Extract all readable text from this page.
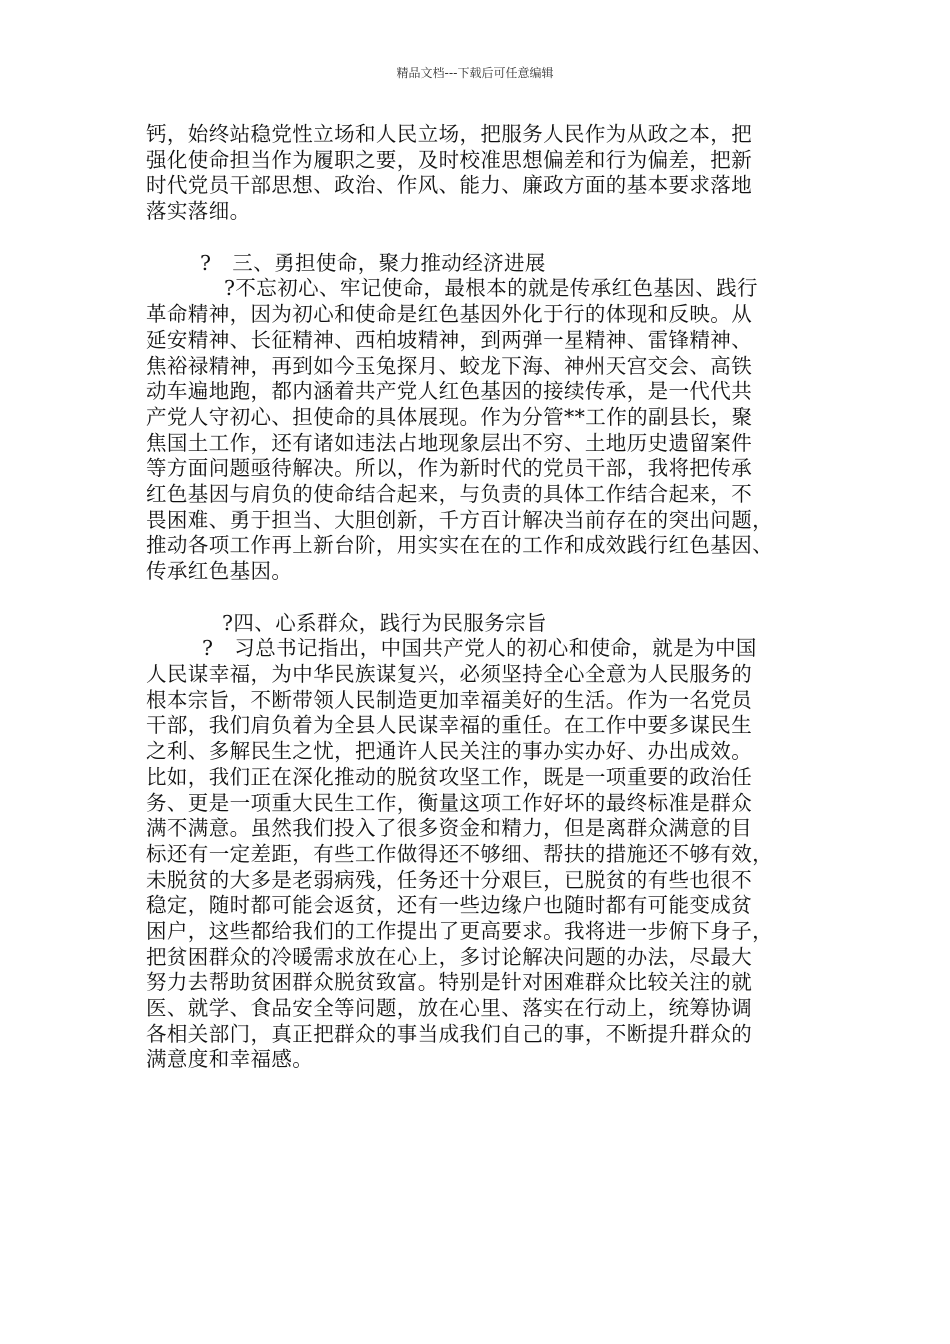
精品文档---下载后可任意编辑
钙，始终站稳党性立场和人民立场，把服务人民作为从政之本，把
强化使命担当作为履职之要，及时校准思想偏差和行为偏差，把新
时代党员干部思想、政治、作风、能力、廉政方面的基本要求落地
落实落细。
?　三、勇担使命，聚力推动经济进展
?不忘初心、牢记使命，最根本的就是传承红色基因、践行
革命精神，因为初心和使命是红色基因外化于行的体现和反映。从
延安精神、长征精神、西柏坡精神，到两弹一星精神、雷锋精神、
焦裕禄精神，再到如今玉兔探月、蛟龙下海、神州天宫交会、高铁
动车遍地跑，都内涵着共产党人红色基因的接续传承，是一代代共
产党人守初心、担使命的具体展现。作为分管**工作的副县长，聚
焦国土工作，还有诸如违法占地现象层出不穷、土地历史遗留案件
等方面问题亟待解决。所以，作为新时代的党员干部，我将把传承
红色基因与肩负的使命结合起来，与负责的具体工作结合起来，不
畏困难、勇于担当、大胆创新，千方百计解决当前存在的突出问题，
推动各项工作再上新台阶，用实实在在的工作和成效践行红色基因、
传承红色基因。
?四、心系群众，践行为民服务宗旨
?　习总书记指出，中国共产党人的初心和使命，就是为中国
人民谋幸福，为中华民族谋复兴，必须坚持全心全意为人民服务的
根本宗旨，不断带领人民制造更加幸福美好的生活。作为一名党员
干部，我们肩负着为全县人民谋幸福的重任。在工作中要多谋民生
之利、多解民生之忧，把通许人民关注的事办实办好、办出成效。
比如，我们正在深化推动的脱贫攻坚工作，既是一项重要的政治任
务、更是一项重大民生工作，衡量这项工作好坏的最终标准是群众
满不满意。虽然我们投入了很多资金和精力，但是离群众满意的目
标还有一定差距，有些工作做得还不够细、帮扶的措施还不够有效，
未脱贫的大多是老弱病残，任务还十分艰巨，已脱贫的有些也很不
稳定，随时都可能会返贫，还有一些边缘户也随时都有可能变成贫
困户，这些都给我们的工作提出了更高要求。我将进一步俯下身子，
把贫困群众的冷暖需求放在心上，多讨论解决问题的办法，尽最大
努力去帮助贫困群众脱贫致富。特别是针对困难群众比较关注的就
医、就学、食品安全等问题，放在心里、落实在行动上，统筹协调
各相关部门，真正把群众的事当成我们自己的事，不断提升群众的
满意度和幸福感。
